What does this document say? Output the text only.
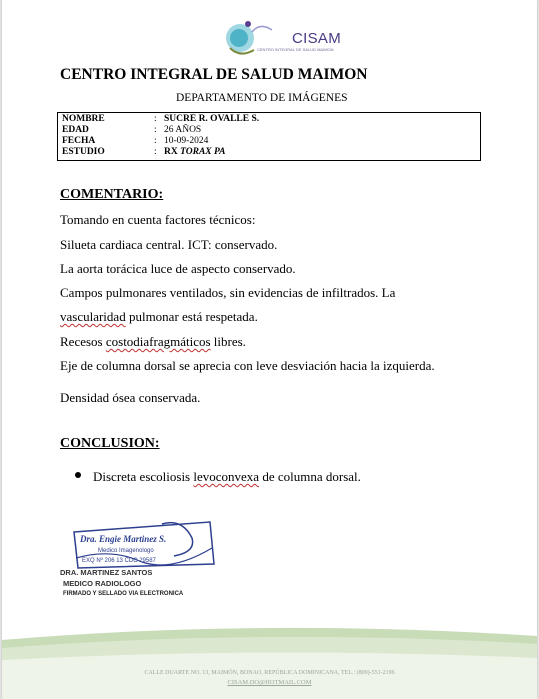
CISAM
CENTRO INTEGRAL DE SALUD MAIMON
CENTRO INTEGRAL DE SALUD MAIMON
DEPARTAMENTO DE IMÁGENES
NOMBRE	: SUCRE R. OVALLE S.
EDAD	: 26 AÑOS
FECHA	: 10-09-2024
ESTUDIO	: RX TORAX PA
COMENTARIO:
Tomando en cuenta factores técnicos:
Silueta cardiaca central. ICT: conservado.
La aorta torácica luce de aspecto conservado.
Campos pulmonares ventilados, sin evidencias de infiltrados. La
vascularidad pulmonar está respetada.
Recesos costodiafragmáticos libres.
Eje de columna dorsal se aprecia con leve desviación hacia la izquierda.
Densidad ósea conservada.
CONCLUSION:
Discreta escoliosis levoconvexa de columna dorsal.
Dra. Engie Martinez S.
Medico Imagenologo
EXQ Nº 206 13 CDC 29587
DRA. MARTINEZ SANTOS
MEDICO RADIOLOGO
FIRMADO Y SELLADO VIA ELECTRONICA
CALLE DUARTE NO. 13, MAIMÓN, BONAO, REPÚBLICA DOMINICANA, TEL.: (809)-551-2196
CISAM.DO@HOTMAIL.COM
